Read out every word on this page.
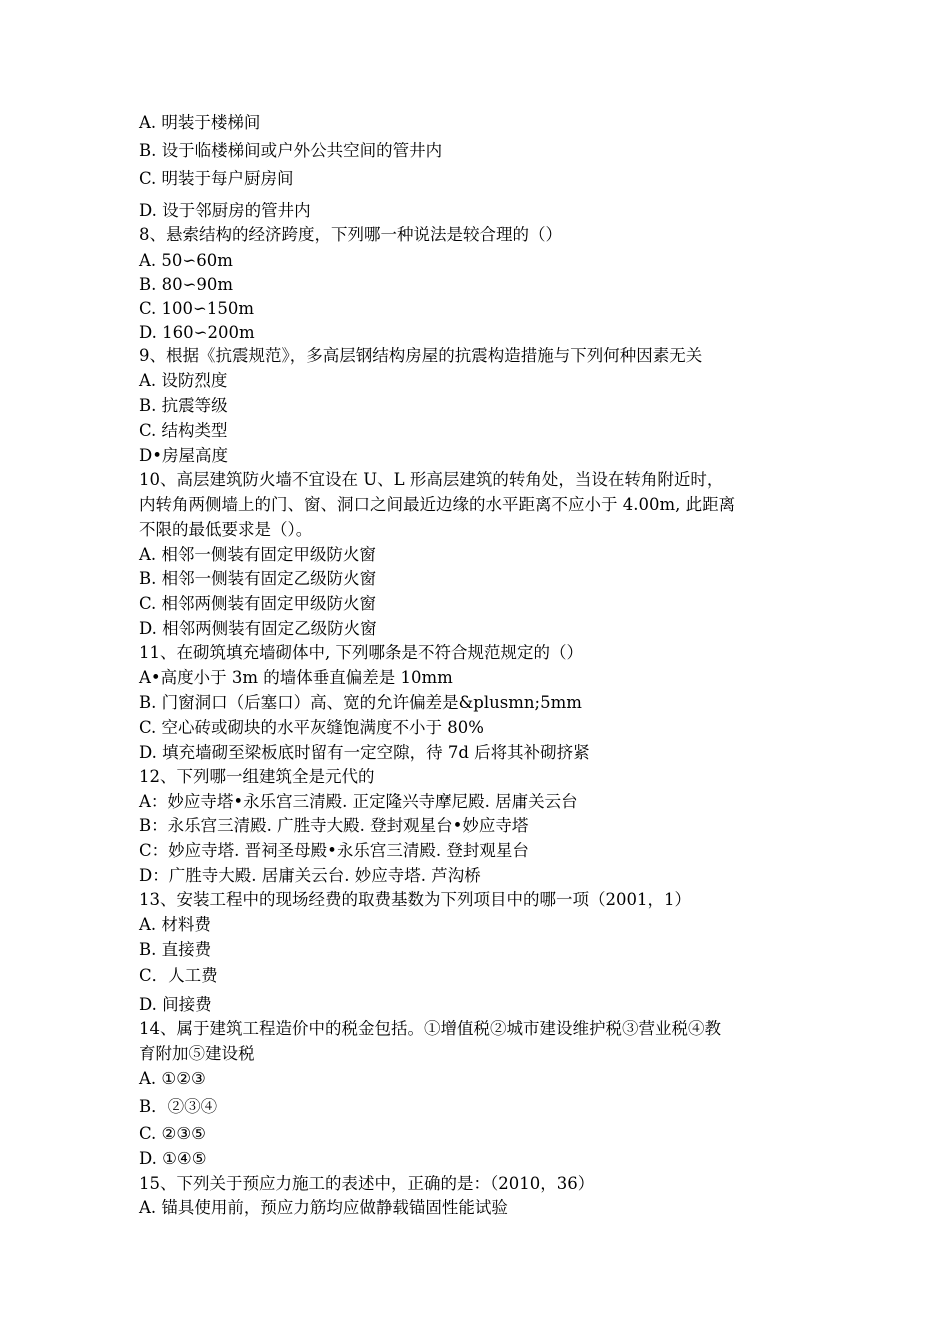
A. 明装于楼梯间
B. 设于临楼梯间或户外公共空间的管井内
C. 明装于每户厨房间
D. 设于邻厨房的管井内
8、悬索结构的经济跨度，下列哪一种说法是较合理的（）
A. 50∽60m
B. 80∽90m
C. 100∽150m
D. 160∽200m
9、根据《抗震规范》，多高层钢结构房屋的抗震构造措施与下列何种因素无关
A. 设防烈度
B. 抗震等级
C. 结构类型
D•房屋高度
10、高层建筑防火墙不宜设在 U、L 形高层建筑的转角处，当设在转角附近时，
内转角两侧墙上的门、窗、洞口之间最近边缘的水平距离不应小于 4.00m, 此距离
不限的最低要求是（）。
A. 相邻一侧装有固定甲级防火窗
B. 相邻一侧装有固定乙级防火窗
C. 相邻两侧装有固定甲级防火窗
D. 相邻两侧装有固定乙级防火窗
11、在砌筑填充墙砌体中, 下列哪条是不符合规范规定的（）
A•高度小于 3m 的墙体垂直偏差是 10mm
B. 门窗洞口（后塞口）高、宽的允许偏差是&plusmn;5mm
C. 空心砖或砌块的水平灰缝饱满度不小于 80%
D. 填充墙砌至梁板底时留有一定空隙，待 7d 后将其补砌挤紧
12、下列哪一组建筑全是元代的
A：妙应寺塔•永乐宫三清殿. 正定隆兴寺摩尼殿. 居庸关云台
B：永乐宫三清殿. 广胜寺大殿. 登封观星台•妙应寺塔
C：妙应寺塔. 晋祠圣母殿•永乐宫三清殿. 登封观星台
D：广胜寺大殿. 居庸关云台. 妙应寺塔. 芦沟桥
13、安装工程中的现场经费的取费基数为下列项目中的哪一项（2001，1）
A. 材料费
B. 直接费
C．人工费
D. 间接费
14、属于建筑工程造价中的税金包括。①增值税②城市建设维护税③营业税④教
育附加⑤建设税
A. ①②③
B．②③④
C. ②③⑤
D. ①④⑤
15、下列关于预应力施工的表述中，正确的是：（2010，36）
A. 锚具使用前，预应力筋均应做静载锚固性能试验
